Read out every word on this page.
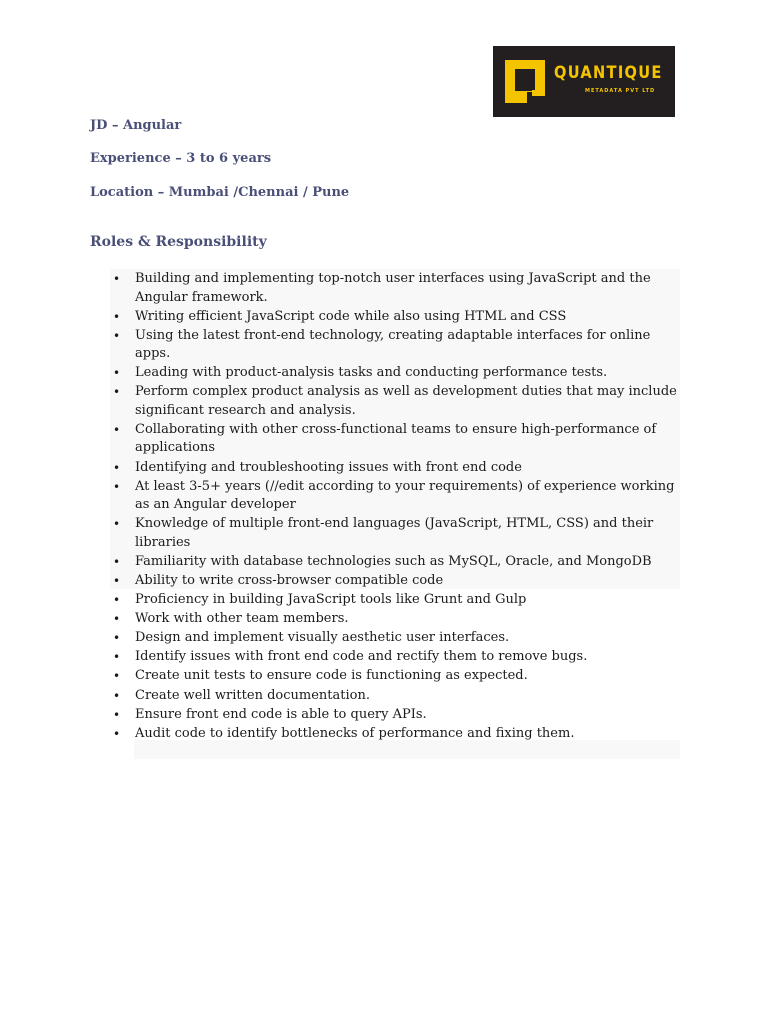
QUANTIQUE
METADATA PVT LTD
JD – Angular
Experience – 3 to 6 years
Location – Mumbai /Chennai / Pune
Roles & Responsibility
• Building and implementing top-notch user interfaces using JavaScript and the Angular framework.
• Writing efficient JavaScript code while also using HTML and CSS
• Using the latest front-end technology, creating adaptable interfaces for online apps.
• Leading with product-analysis tasks and conducting performance tests.
• Perform complex product analysis as well as development duties that may include significant research and analysis.
• Collaborating with other cross-functional teams to ensure high-performance of applications
• Identifying and troubleshooting issues with front end code
• At least 3-5+ years (//edit according to your requirements) of experience working as an Angular developer
• Knowledge of multiple front-end languages (JavaScript, HTML, CSS) and their libraries
• Familiarity with database technologies such as MySQL, Oracle, and MongoDB
• Ability to write cross-browser compatible code
• Proficiency in building JavaScript tools like Grunt and Gulp
• Work with other team members.
• Design and implement visually aesthetic user interfaces.
• Identify issues with front end code and rectify them to remove bugs.
• Create unit tests to ensure code is functioning as expected.
• Create well written documentation.
• Ensure front end code is able to query APIs.
• Audit code to identify bottlenecks of performance and fixing them.
